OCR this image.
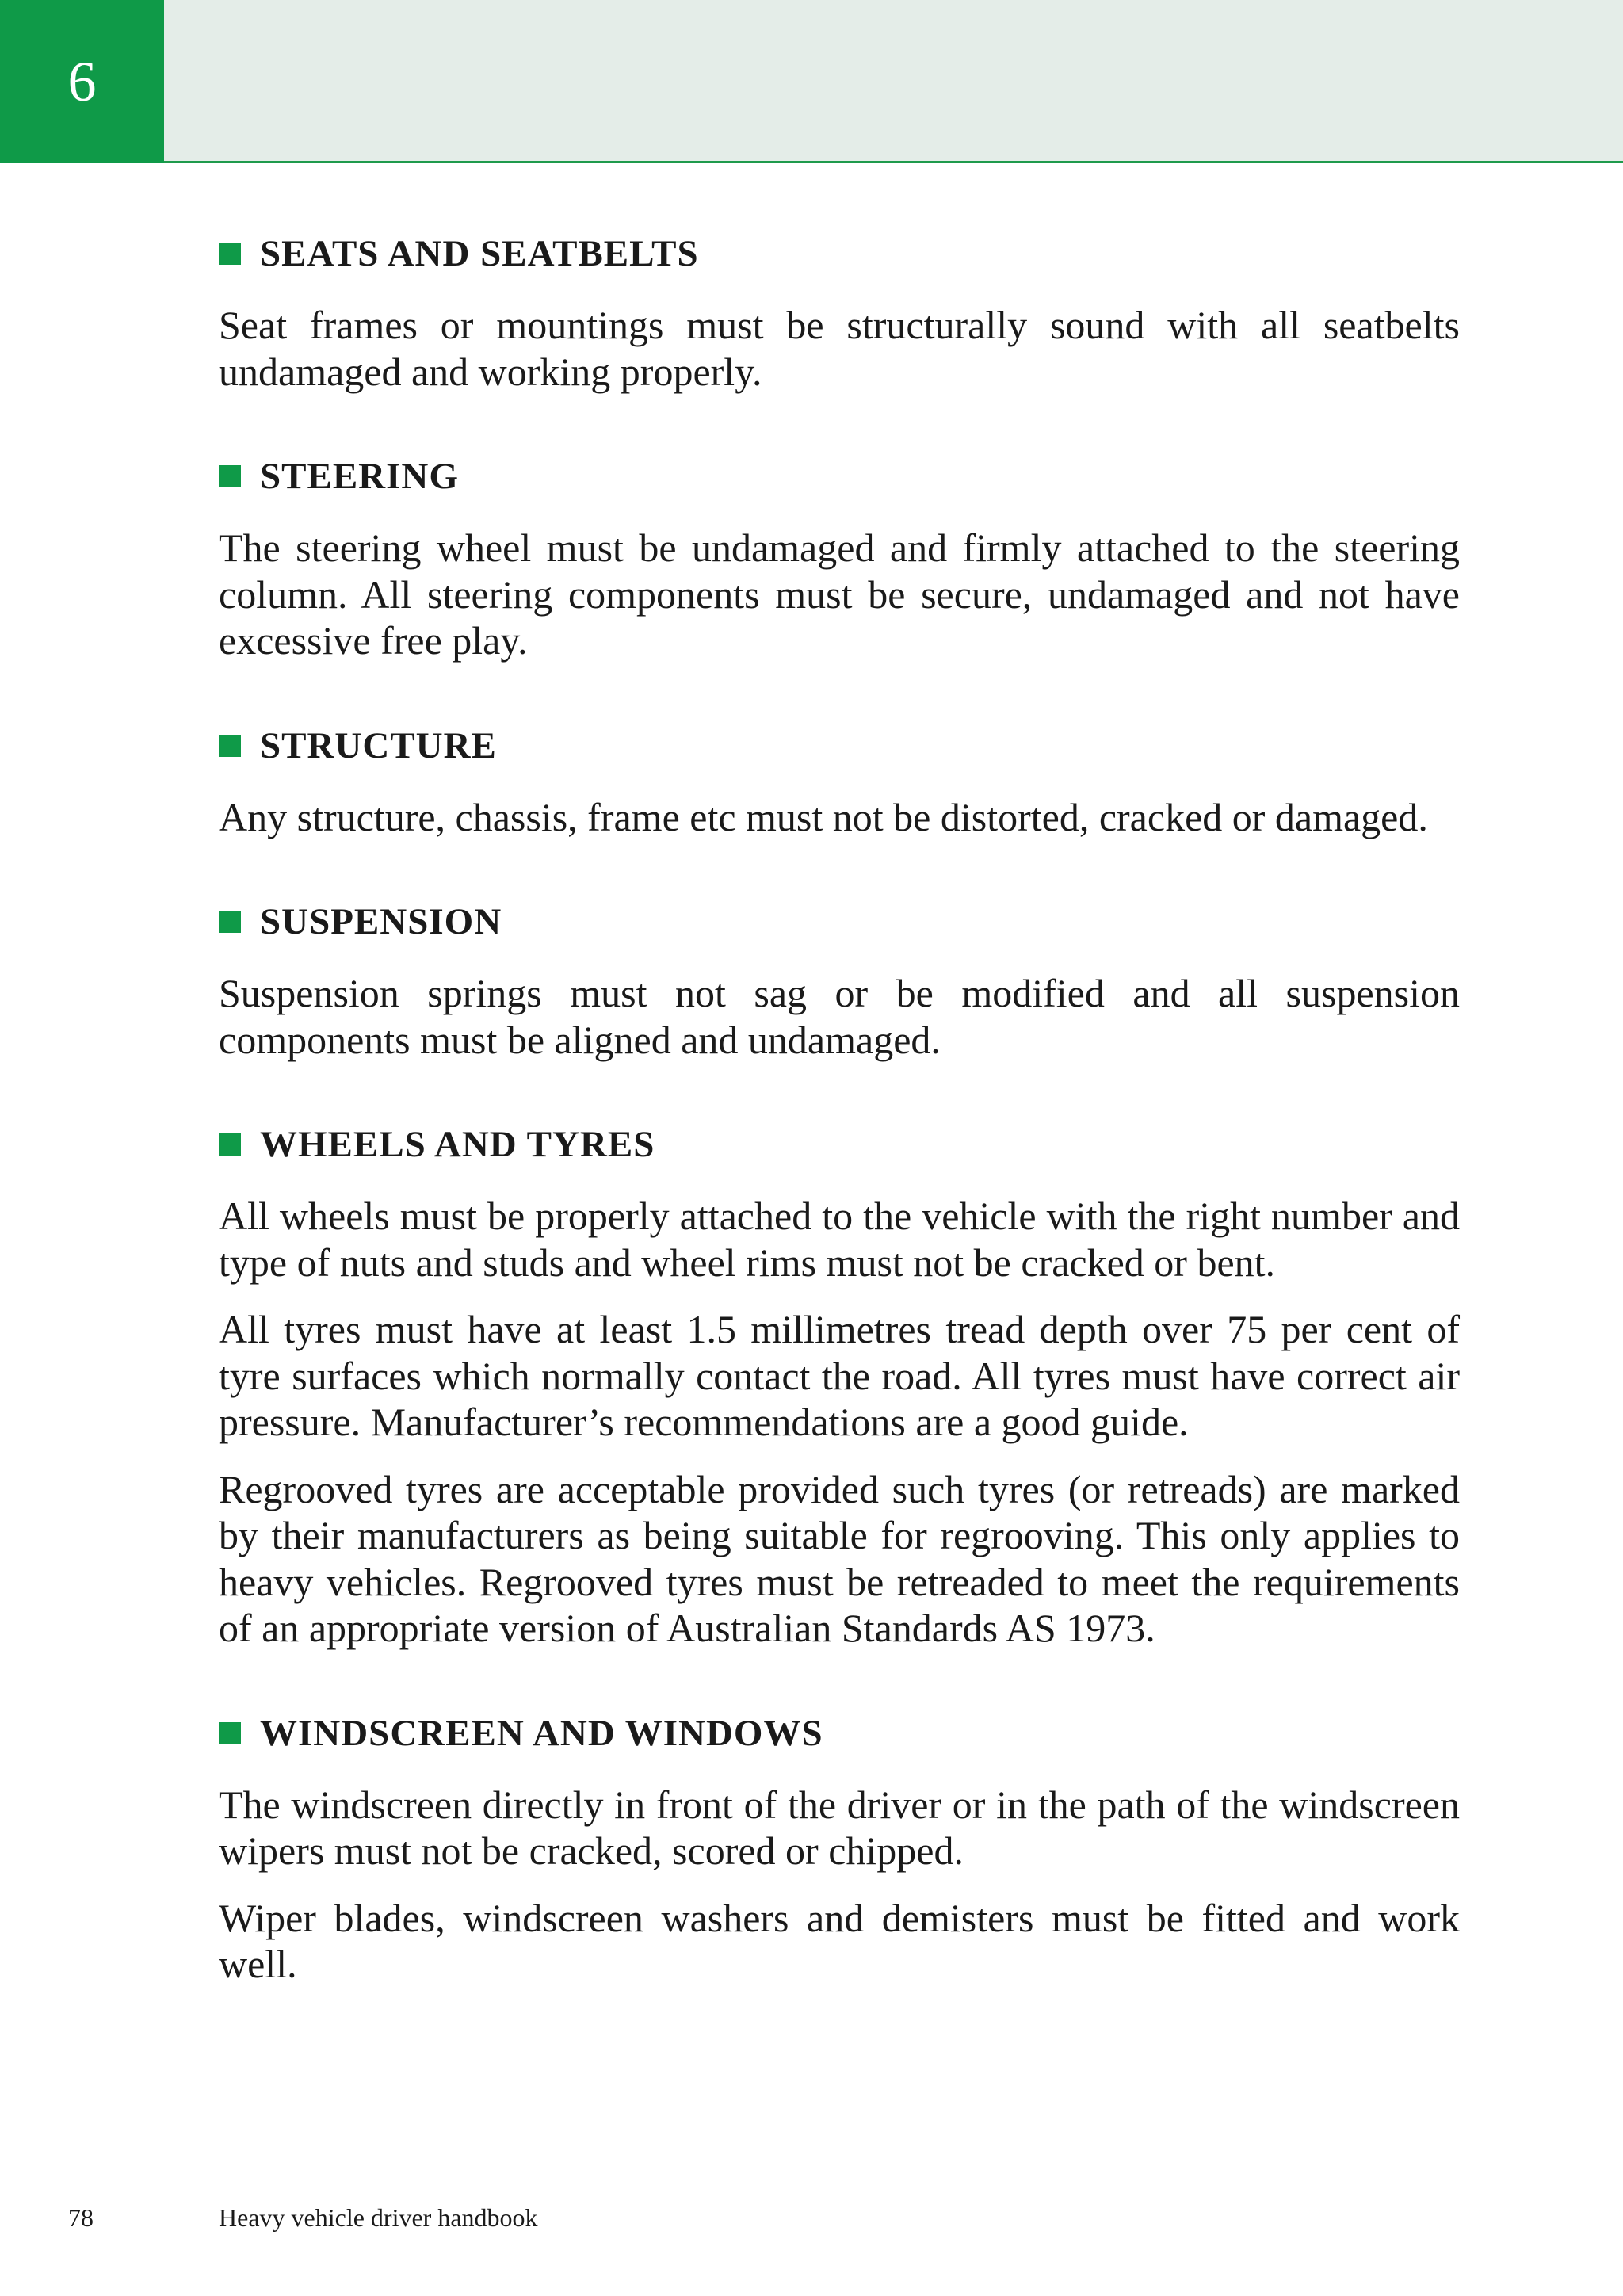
6
SEATS AND SEATBELTS

Seat frames or mountings must be structurally sound with all seatbelts undamaged and working properly.

STEERING

The steering wheel must be undamaged and firmly attached to the steering column. All steering components must be secure, undamaged and not have excessive free play.

STRUCTURE

Any structure, chassis, frame etc must not be distorted, cracked or damaged.

SUSPENSION

Suspension springs must not sag or be modified and all suspension components must be aligned and undamaged.

WHEELS AND TYRES

All wheels must be properly attached to the vehicle with the right number and type of nuts and studs and wheel rims must not be cracked or bent.

All tyres must have at least 1.5 millimetres tread depth over 75 per cent of tyre surfaces which normally contact the road. All tyres must have correct air pressure. Manufacturer’s recommendations are a good guide.

Regrooved tyres are acceptable provided such tyres (or retreads) are marked by their manufacturers as being suitable for regrooving. This only applies to heavy vehicles. Regrooved tyres must be retreaded to meet the requirements of an appropriate version of Australian Standards AS 1973.

WINDSCREEN AND WINDOWS

The windscreen directly in front of the driver or in the path of the windscreen wipers must not be cracked, scored or chipped.

Wiper blades, windscreen washers and demisters must be fitted and work well.

78	Heavy vehicle driver handbook
